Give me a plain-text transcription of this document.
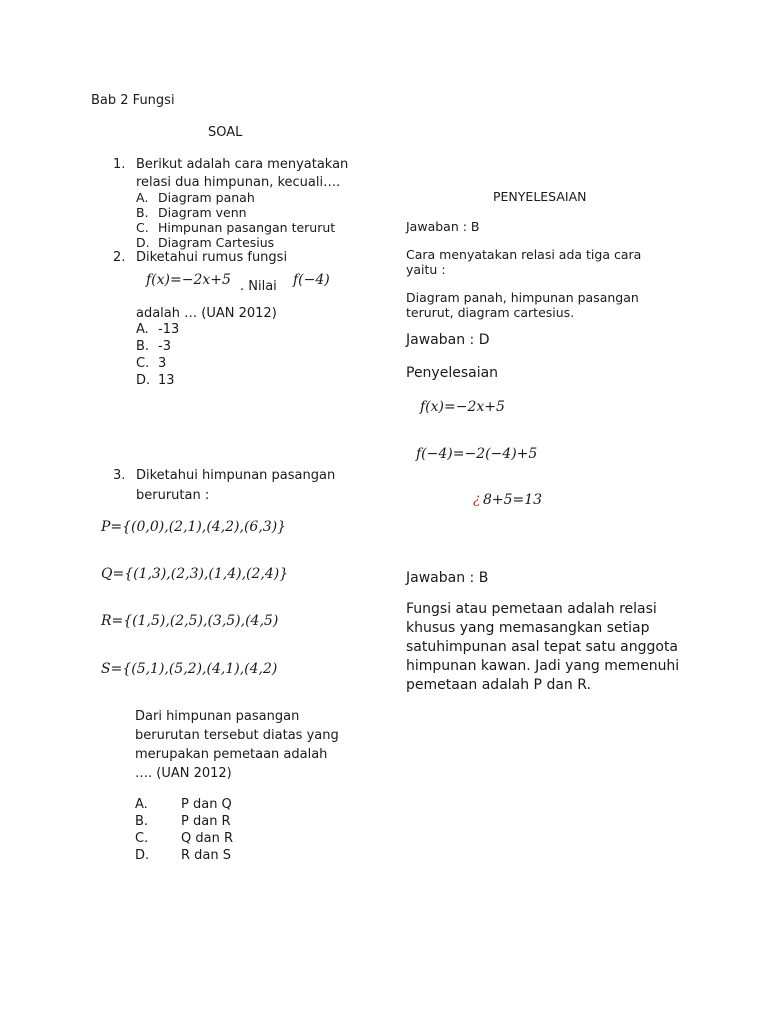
Bab 2 Fungsi
SOAL
PENYELESAIAN
1. Berikut adalah cara menyatakan
relasi dua himpunan, kecuali….
A. Diagram panah
B. Diagram venn
C. Himpunan pasangan terurut
D. Diagram Cartesius
2. Diketahui rumus fungsi
f(x)=−2x+5 . Nilai f(−4)
adalah … (UAN 2012)
A. -13
B. -3
C. 3
D. 13
3. Diketahui himpunan pasangan
berurutan :
P={(0,0),(2,1),(4,2),(6,3)}
Q={(1,3),(2,3),(1,4),(2,4)}
R={(1,5),(2,5),(3,5),(4,5)
S={(5,1),(5,2),(4,1),(4,2)
Dari himpunan pasangan
berurutan tersebut diatas yang
merupakan pemetaan adalah
…. (UAN 2012)
A.	P dan Q
B.	P dan R
C.	Q dan R
D. R dan S
Jawaban : B
Cara menyatakan relasi ada tiga cara
yaitu :
Diagram panah, himpunan pasangan
terurut, diagram cartesius.
Jawaban : D
Penyelesaian
f(x)=−2x+5
f(−4)=−2(−4)+5
¿ 8+5=13
Jawaban : B
Fungsi atau pemetaan adalah relasi
khusus yang memasangkan setiap
satuhimpunan asal tepat satu anggota
himpunan kawan. Jadi yang memenuhi
pemetaan adalah P dan R.
